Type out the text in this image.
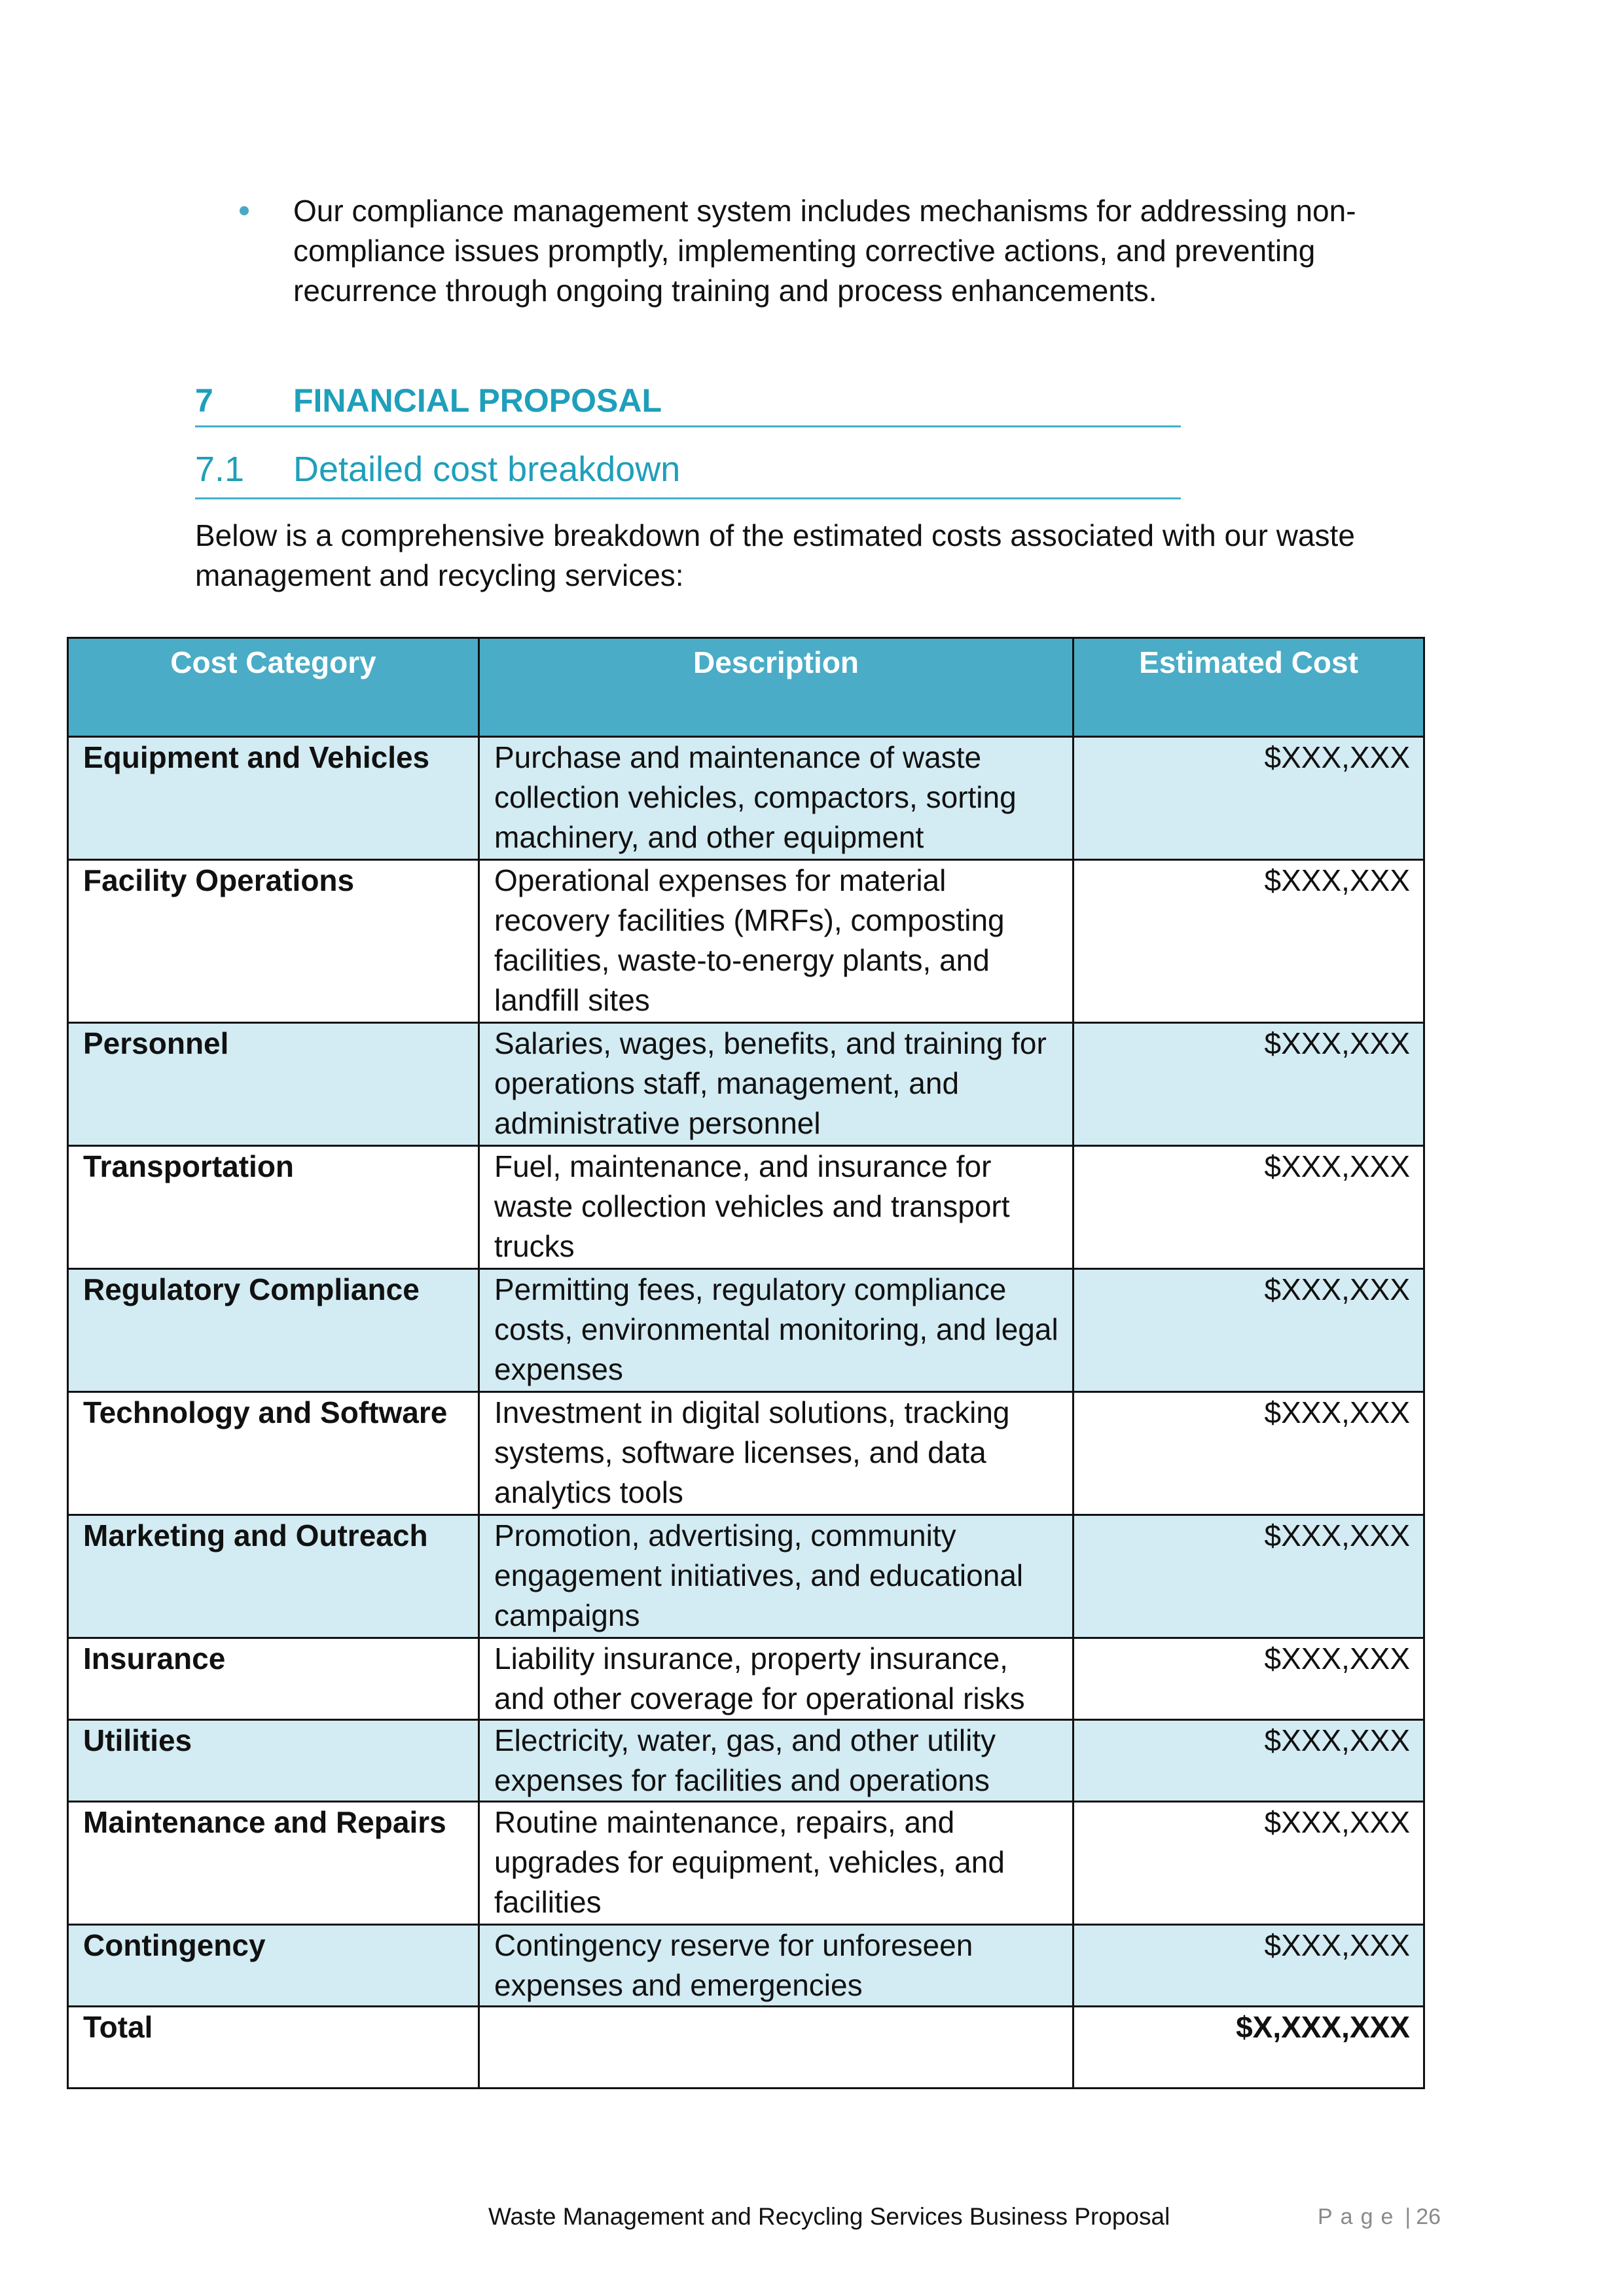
Our compliance management system includes mechanisms for addressing non-compliance issues promptly, implementing corrective actions, and preventing recurrence through ongoing training and process enhancements.
7 FINANCIAL PROPOSAL
7.1 Detailed cost breakdown
Below is a comprehensive breakdown of the estimated costs associated with our waste management and recycling services:
Cost Category	Description	Estimated Cost
Equipment and Vehicles	Purchase and maintenance of waste collection vehicles, compactors, sorting machinery, and other equipment	$XXX,XXX
Facility Operations	Operational expenses for material recovery facilities (MRFs), composting facilities, waste-to-energy plants, and landfill sites	$XXX,XXX
Personnel	Salaries, wages, benefits, and training for operations staff, management, and administrative personnel	$XXX,XXX
Transportation	Fuel, maintenance, and insurance for waste collection vehicles and transport trucks	$XXX,XXX
Regulatory Compliance	Permitting fees, regulatory compliance costs, environmental monitoring, and legal expenses	$XXX,XXX
Technology and Software	Investment in digital solutions, tracking systems, software licenses, and data analytics tools	$XXX,XXX
Marketing and Outreach	Promotion, advertising, community engagement initiatives, and educational campaigns	$XXX,XXX
Insurance	Liability insurance, property insurance, and other coverage for operational risks	$XXX,XXX
Utilities	Electricity, water, gas, and other utility expenses for facilities and operations	$XXX,XXX
Maintenance and Repairs	Routine maintenance, repairs, and upgrades for equipment, vehicles, and facilities	$XXX,XXX
Contingency	Contingency reserve for unforeseen expenses and emergencies	$XXX,XXX
Total		$X,XXX,XXX
Waste Management and Recycling Services Business Proposal	Page | 26
